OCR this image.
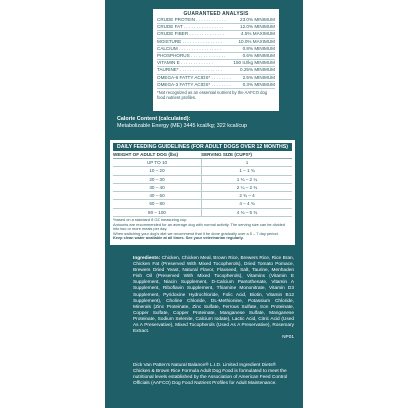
GUARANTEED ANALYSIS
CRUDE PROTEIN . . . . . . . . . . . .	23.0% MINIMUM
CRUDE FAT . . . . . . . . . . . . . . . .	12.0% MINIMUM
CRUDE FIBER . . . . . . . . . . . . . .	4.5% MAXIMUM
MOISTURE . . . . . . . . . . . . . . . .	10.0% MAXIMUM
CALCIUM . . . . . . . . . . . . . . . . .	0.8% MINIMUM
PHOSPHORUS . . . . . . . . . . . . . .	0.6% MINIMUM
VITAMIN E . . . . . . . . . . . . .	150 IU/kg MINIMUM
TAURINE* . . . . . . . . . . . . . . . . .	0.25% MINIMUM
OMEGA-6 FATTY ACIDS* . . . . . . . .	2.5% MINIMUM
OMEGA-3 FATTY ACIDS* . . . . . . . .	0.3% MINIMUM
*Not recognized as an essential nutrient by the AAFCO dog food nutrient profiles.
Calorie Content (calculated):
Metabolizable Energy (ME) 3445 kcal/kg; 322 kcal/cup
DAILY FEEDING GUIDELINES (FOR ADULT DOGS OVER 12 MONTHS)
WEIGHT OF ADULT DOG (lbs)	SERVING SIZE (CUPS*)
UP TO 10	1
10 – 20	1 – 1 ¾
20 – 30	1 ¾ – 2 ¼
30 – 40	2 ¼ – 2 ¾
40 – 60	2 ¾ – 4
60 – 80	4 – 4 ¾
80 – 100	4 ¾ – 5 ¾
*based on a standard 8 OZ measuring cup.
Amounts are recommended for an average dog with normal activity. The serving size can be divided into two or more meals per day.
When switching your dog's diet we recommend that it be done gradually over a 5 – 7 day period.
Keep clean water available at all times. See your veterinarian regularly.
Ingredients: Chicken, Chicken Meal, Brown Rice, Brewers Rice, Rice Bran, Chicken Fat (Preserved With Mixed Tocopherols), Dried Tomato Pomace, Brewers Dried Yeast, Natural Flavor, Flaxseed, Salt, Taurine, Menhaden Fish Oil (Preserved With Mixed Tocopherols), Vitamins (Vitamin E Supplement, Niacin Supplement, D-Calcium Pantothenate, Vitamin A Supplement, Riboflavin Supplement, Thiamine Mononitrate, Vitamin D3 Supplement, Pyridoxine Hydrochloride, Folic Acid, Biotin, Vitamin B12 Supplement), Choline Chloride, DL-Methionine, Potassium Chloride, Minerals (Zinc Proteinate, Zinc Sulfate, Ferrous Sulfate, Iron Proteinate, Copper Sulfate, Copper Proteinate, Manganese Sulfate, Manganese Proteinate, Sodium Selenite, Calcium Iodate), Lactic Acid, Citric Acid (Used As A Preservative), Mixed Tocopherols (Used As A Preservative), Rosemary Extract.
NP01
Dick Van Patten's Natural Balance® L.I.D. Limited Ingredient Diets® Chicken & Brown Rice Formula Adult Dog Food is formulated to meet the nutritional levels established by the Association of American Feed Control Officials (AAFCO) Dog Food Nutrient Profiles for Adult Maintenance.
